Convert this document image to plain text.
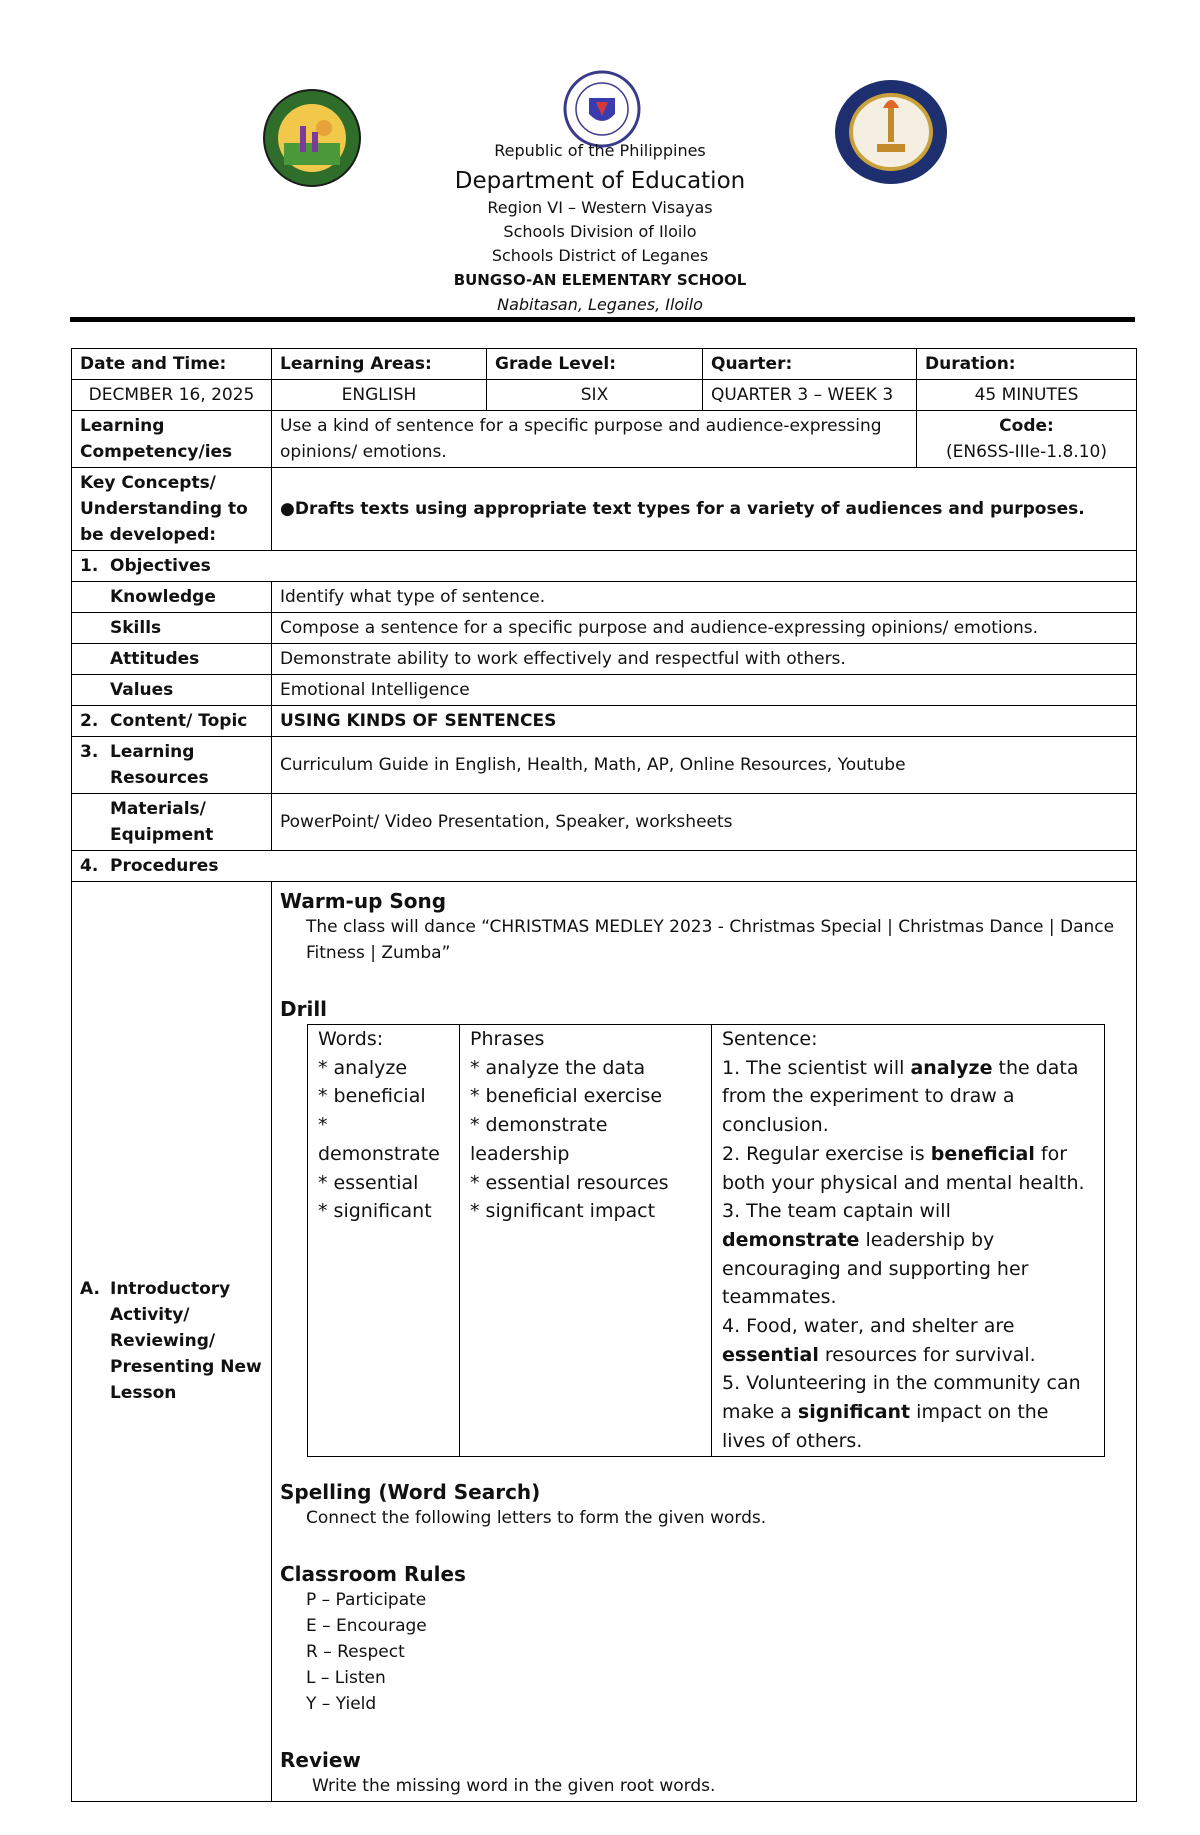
Republic of the Philippines
Department of Education
Region VI – Western Visayas
Schools Division of Iloilo
Schools District of Leganes
BUNGSO-AN ELEMENTARY SCHOOL
Nabitasan, Leganes, Iloilo
Date and Time:	Learning Areas:	Grade Level:	Quarter:	Duration:
DECMBER 16, 2025	ENGLISH	SIX	QUARTER 3 – WEEK 3	45 MINUTES

Learning
Competency/ies
	Use a kind of sentence for a specific purpose and audience-expressing opinions/ emotions.	
Code:
(EN6SS-IIIe-1.8.10)

Key Concepts/
Understanding to
be developed:
	●Drafts texts using appropriate text types for a variety of audiences and purposes.
1. Objectives
Knowledge	Identify what type of sentence.
Skills	Compose a sentence for a specific purpose and audience-expressing opinions/ emotions.
Attitudes	Demonstrate ability to work effectively and respectful with others.
Values	Emotional Intelligence
2. Content/ Topic	USING KINDS OF SENTENCES

3. Learning
Resources
	Curriculum Guide in English, Health, Math, AP, Online Resources, Youtube

Materials/
Equipment
	PowerPoint/ Video Presentation, Speaker, worksheets
4. Procedures

A. Introductory
Activity/
Reviewing/
Presenting New
Lesson

Warm-up Song
The class will dance “CHRISTMAS MEDLEY 2023 - Christmas Special | Christmas Dance | Dance Fitness | Zumba”
Drill
Words:
* analyze
* beneficial
* demonstrate
* essential
* significant

Phrases
* analyze the data
* beneficial exercise
* demonstrate leadership
* essential resources
* significant impact

Sentence:
1. The scientist will analyze the data from the experiment to draw a conclusion.
2. Regular exercise is beneficial for both your physical and mental health.
3. The team captain will demonstrate leadership by encouraging and supporting her teammates.
4. Food, water, and shelter are essential resources for survival.
5. Volunteering in the community can make a significant impact on the lives of others.
Spelling (Word Search)
Connect the following letters to form the given words.
Classroom Rules
P – Participate
E – Encourage
R – Respect
L – Listen
Y – Yield
Review
Write the missing word in the given root words.
